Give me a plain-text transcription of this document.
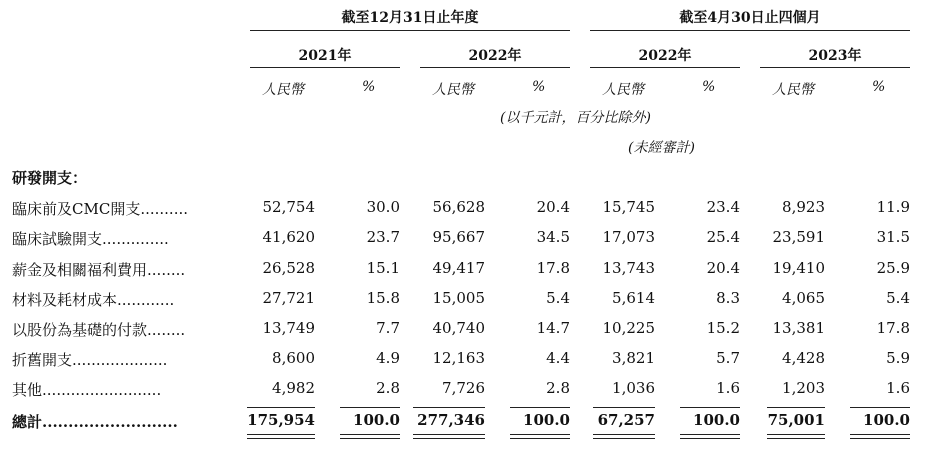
截至12月31日止年度	截至4月30日止四個月
2021年	2022年	2022年	2023年
人民幣	%	人民幣	%	人民幣	%	人民幣	%
(以千元計，百分比除外)
(未經審計)
研發開支：
臨床前及CMC開支..........	52,754	30.0	56,628	20.4	15,745	23.4	8,923	11.9
臨床試驗開支..............	41,620	23.7	95,667	34.5	17,073	25.4	23,591	31.5
薪金及相關福利費用........	26,528	15.1	49,417	17.8	13,743	20.4	19,410	25.9
材料及耗材成本............	27,721	15.8	15,005	5.4	5,614	8.3	4,065	5.4
以股份為基礎的付款........	13,749	7.7	40,740	14.7	10,225	15.2	13,381	17.8
折舊開支....................	8,600	4.9	12,163	4.4	3,821	5.7	4,428	5.9
其他.........................	4,982	2.8	7,726	2.8	1,036	1.6	1,203	1.6
總計..........................	175,954	100.0	277,346	100.0	67,257	100.0	75,001	100.0
